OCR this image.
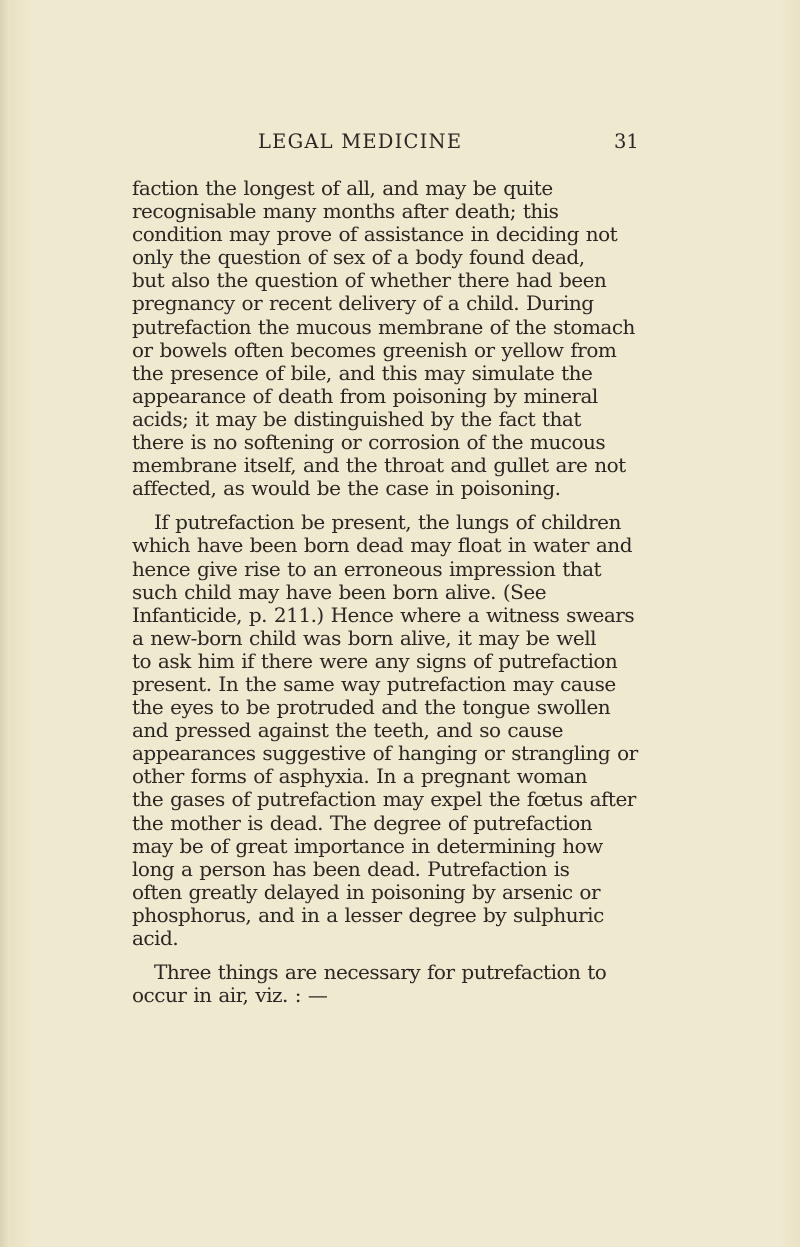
LEGAL MEDICINE	31
faction the longest of all, and may be quite
recognisable many months after death; this
condition may prove of assistance in deciding not
only the question of sex of a body found dead,
but also the question of whether there had been
pregnancy or recent delivery of a child. During
putrefaction the mucous membrane of the stomach
or bowels often becomes greenish or yellow from
the presence of bile, and this may simulate the
appearance of death from poisoning by mineral
acids; it may be distinguished by the fact that
there is no softening or corrosion of the mucous
membrane itself, and the throat and gullet are not
affected, as would be the case in poisoning.
If putrefaction be present, the lungs of children
which have been born dead may float in water and
hence give rise to an erroneous impression that
such child may have been born alive. (See
Infanticide, p. 211.) Hence where a witness swears
a new-born child was born alive, it may be well
to ask him if there were any signs of putrefaction
present. In the same way putrefaction may cause
the eyes to be protruded and the tongue swollen
and pressed against the teeth, and so cause
appearances suggestive of hanging or strangling or
other forms of asphyxia. In a pregnant woman
the gases of putrefaction may expel the fœtus after
the mother is dead. The degree of putrefaction
may be of great importance in determining how
long a person has been dead. Putrefaction is
often greatly delayed in poisoning by arsenic or
phosphorus, and in a lesser degree by sulphuric
acid.
Three things are necessary for putrefaction to
occur in air, viz. : —
